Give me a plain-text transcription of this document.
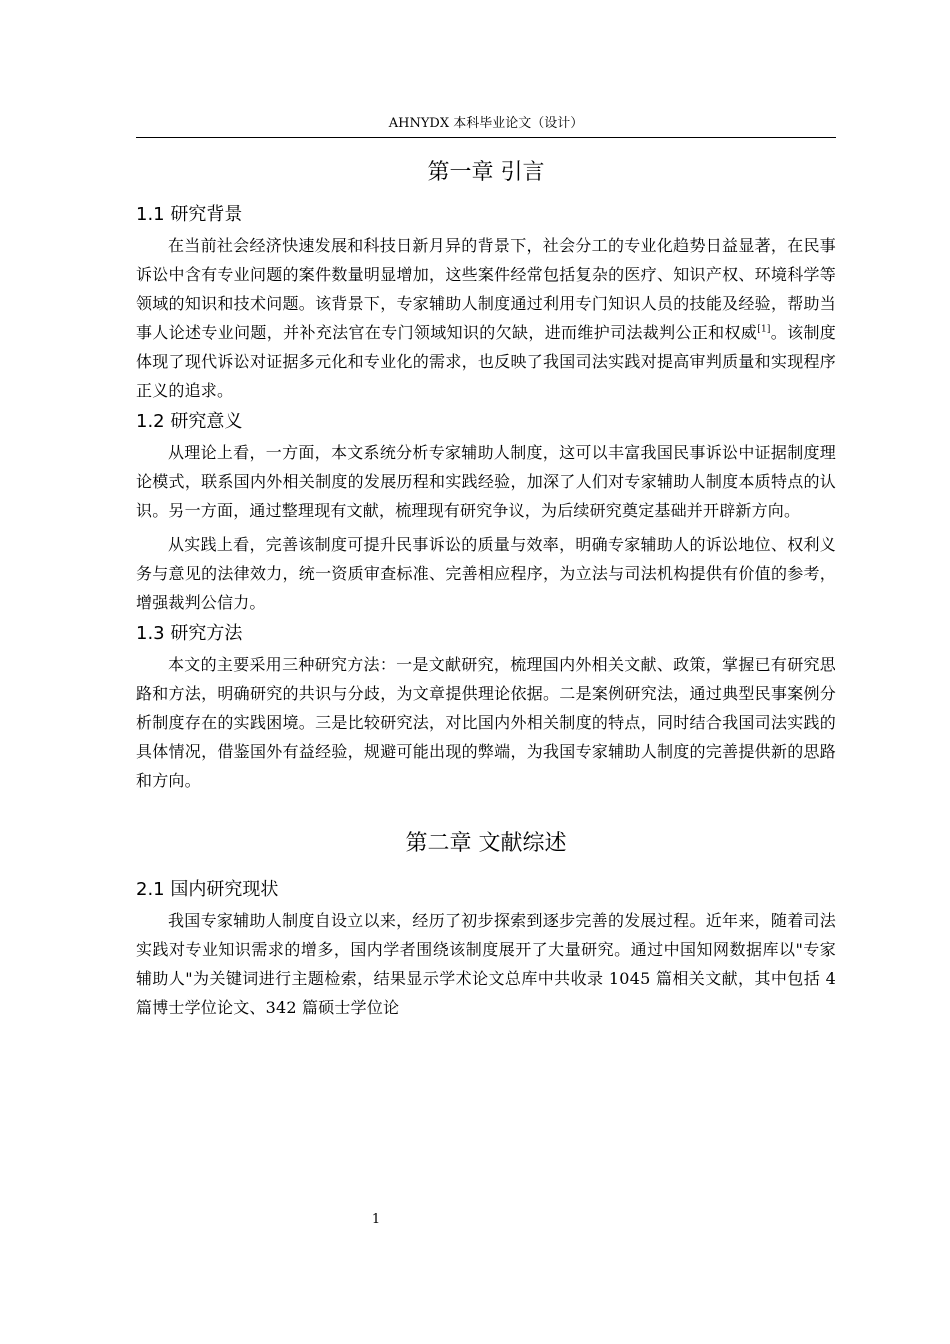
AHNYDX 本科毕业论文（设计）
第一章 引言
1.1 研究背景

在当前社会经济快速发展和科技日新月异的背景下，社会分工的专业化趋势日益显著，在民事诉讼中含有专业问题的案件数量明显增加，这些案件经常包括复杂的医疗、知识产权、环境科学等领域的知识和技术问题。该背景下，专家辅助人制度通过利用专门知识人员的技能及经验，帮助当事人论述专业问题，并补充法官在专门领域知识的欠缺，进而维护司法裁判公正和权威[1]。该制度体现了现代诉讼对证据多元化和专业化的需求，也反映了我国司法实践对提高审判质量和实现程序正义的追求。

1.2 研究意义

从理论上看，一方面，本文系统分析专家辅助人制度，这可以丰富我国民事诉讼中证据制度理论模式，联系国内外相关制度的发展历程和实践经验，加深了人们对专家辅助人制度本质特点的认识。另一方面，通过整理现有文献，梳理现有研究争议，为后续研究奠定基础并开辟新方向。

从实践上看，完善该制度可提升民事诉讼的质量与效率，明确专家辅助人的诉讼地位、权利义务与意见的法律效力，统一资质审查标准、完善相应程序，为立法与司法机构提供有价值的参考，增强裁判公信力。

1.3 研究方法

本文的主要采用三种研究方法：一是文献研究，梳理国内外相关文献、政策，掌握已有研究思路和方法，明确研究的共识与分歧，为文章提供理论依据。二是案例研究法，通过典型民事案例分析制度存在的实践困境。三是比较研究法，对比国内外相关制度的特点，同时结合我国司法实践的具体情况，借鉴国外有益经验，规避可能出现的弊端，为我国专家辅助人制度的完善提供新的思路和方向。

第二章 文献综述
2.1 国内研究现状

我国专家辅助人制度自设立以来，经历了初步探索到逐步完善的发展过程。近年来，随着司法实践对专业知识需求的增多，国内学者围绕该制度展开了大量研究。通过中国知网数据库以"专家辅助人"为关键词进行主题检索，结果显示学术论文总库中共收录 1045 篇相关文献，其中包括 4 篇博士学位论文、342 篇硕士学位论

1
